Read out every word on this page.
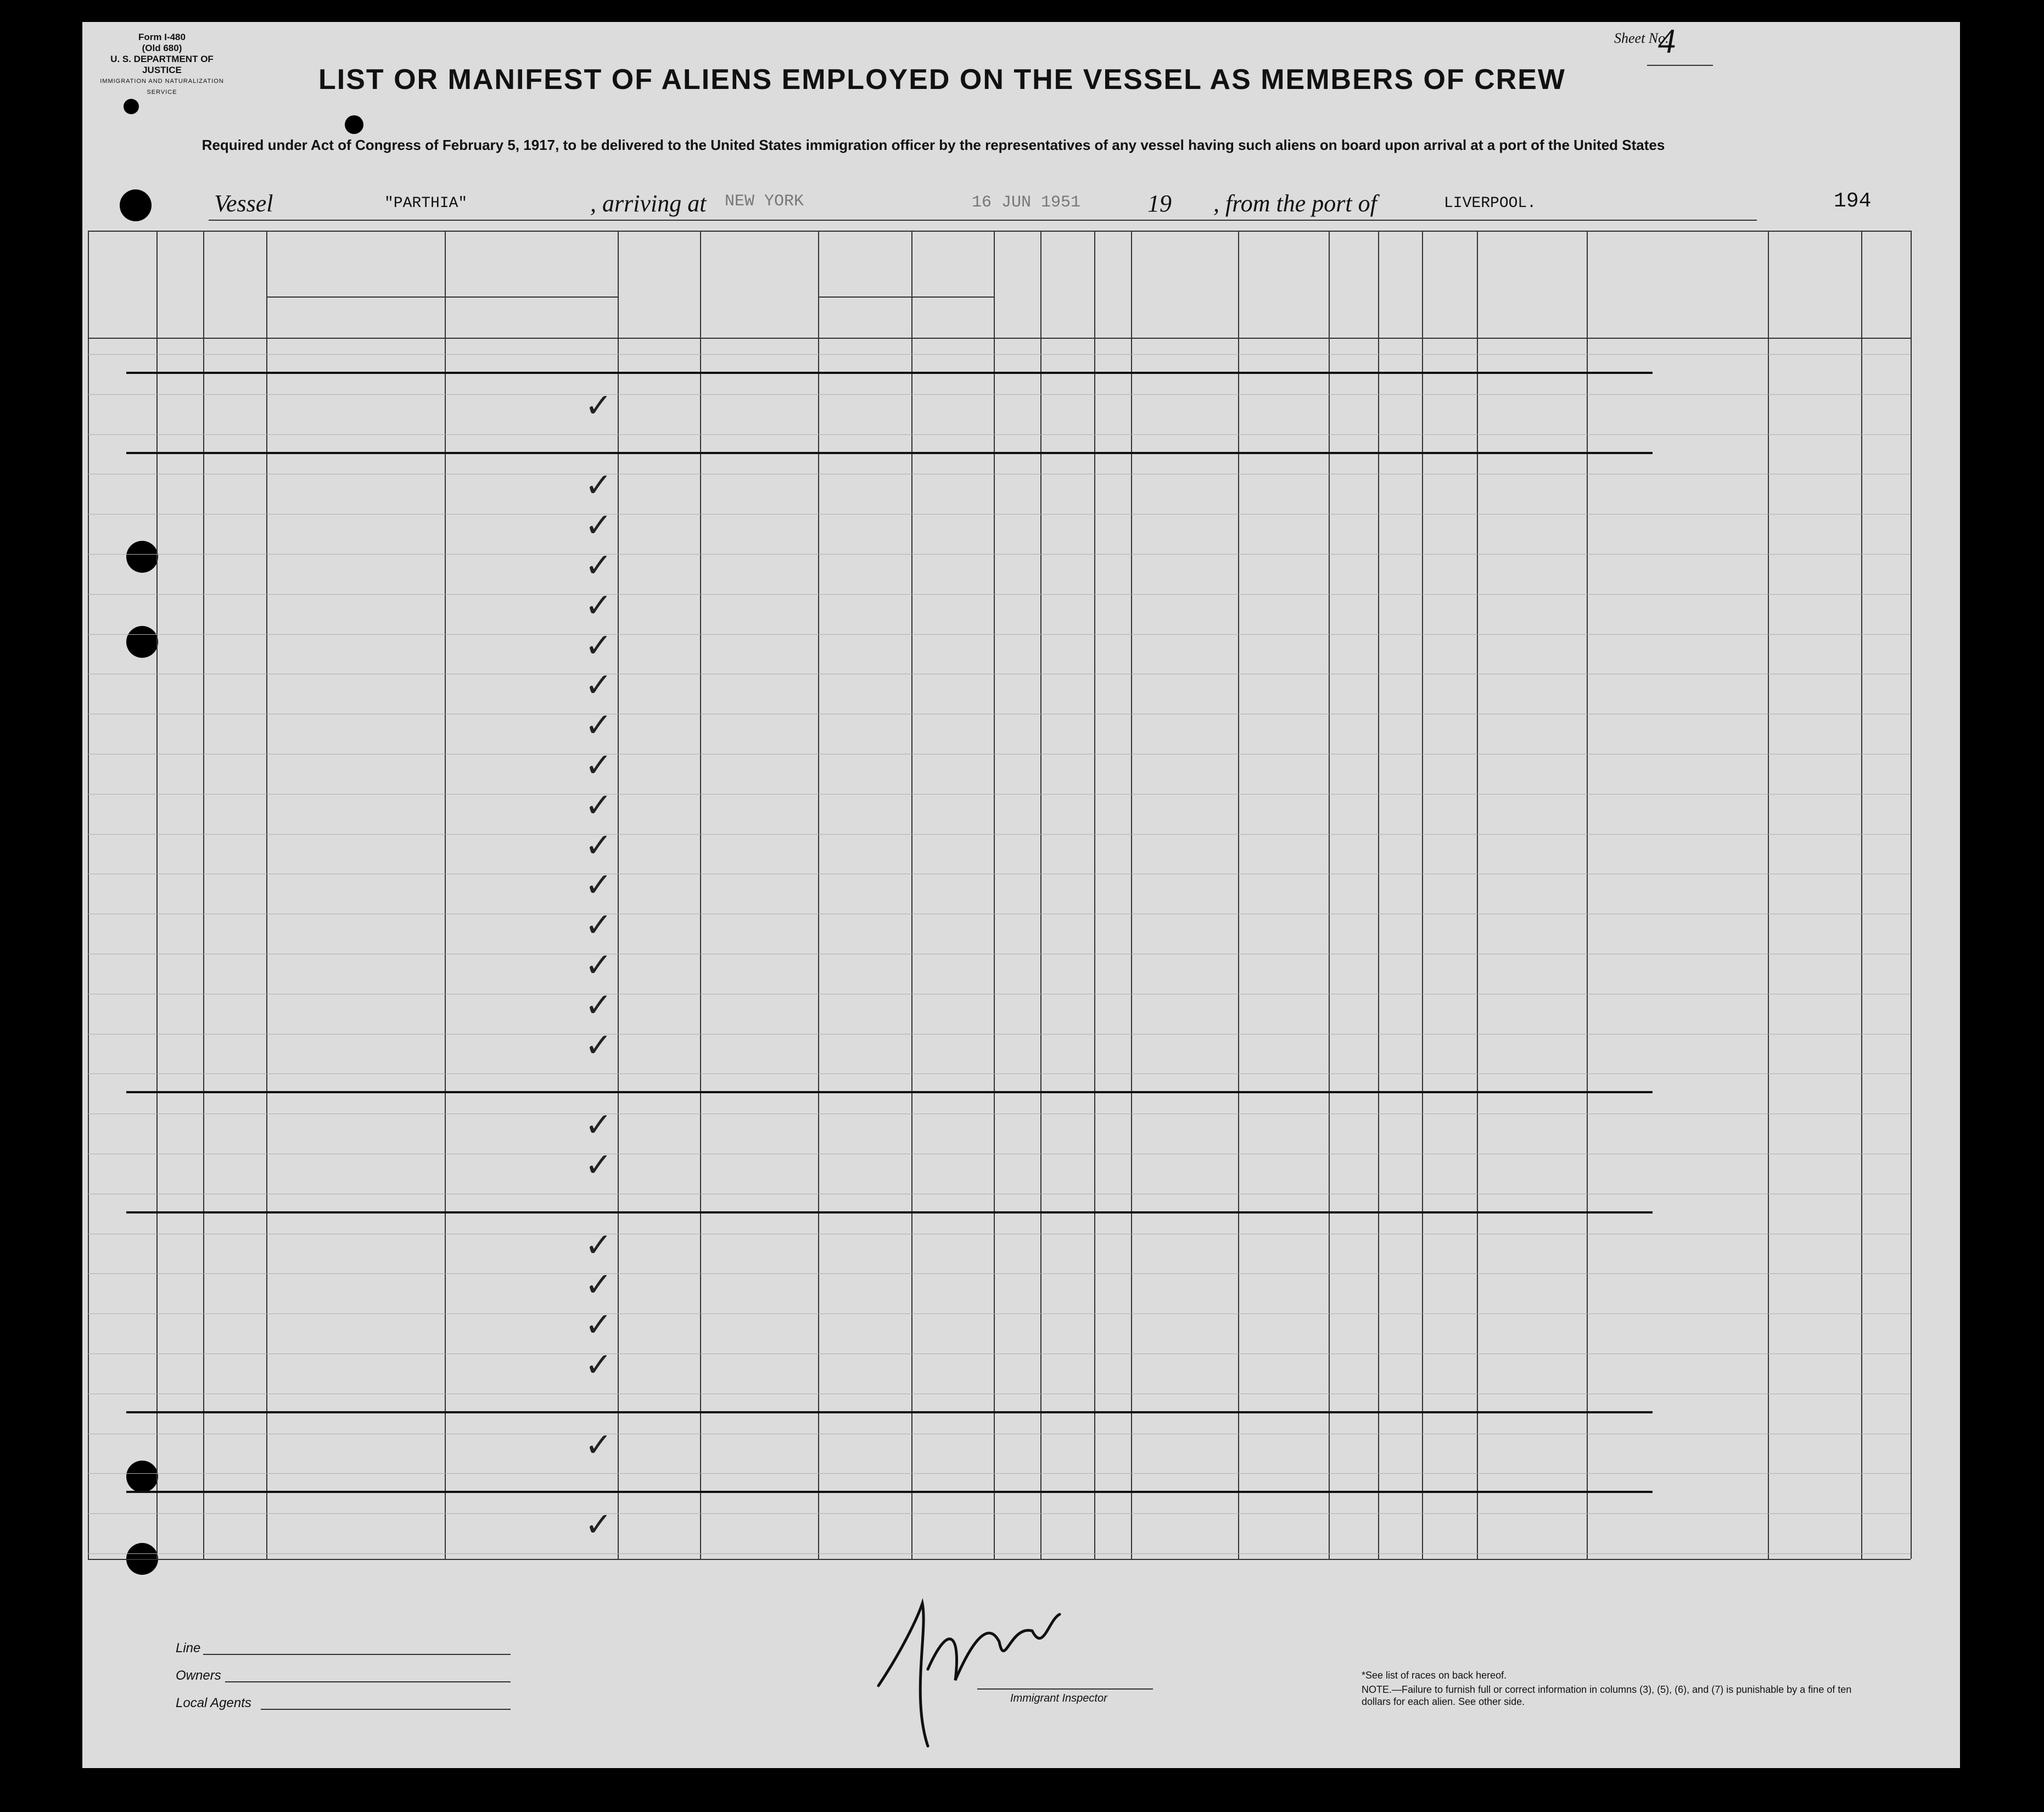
Form I-480
(Old 680)
U. S. DEPARTMENT OF JUSTICE
IMMIGRATION AND NATURALIZATION SERVICE
Sheet No.
4
LIST OR MANIFEST OF ALIENS EMPLOYED ON THE VESSEL AS MEMBERS OF CREW
Required under Act of Congress of February 5, 1917, to be delivered to the United States immigration officer by the representatives of any vessel having such aliens on board upon arrival at a port of the United States
Vessel	"PARTHIA"	, arriving at NEW YORK	16 JUN 1951	19 , from the port of	LIVERPOOL.	194
✓
✓
✓
✓
✓
✓
✓
✓
✓
✓
✓
✓
✓
✓
✓
✓
✓
✓
✓
✓
✓
✓
✓
✓
Line
Owners
Local Agents	Immigrant Inspector
*See list of races on back hereof.
NOTE.—Failure to furnish full or correct information in columns (3), (5), (6), and (7) is punishable by a fine of ten dollars for each alien. See other side.
